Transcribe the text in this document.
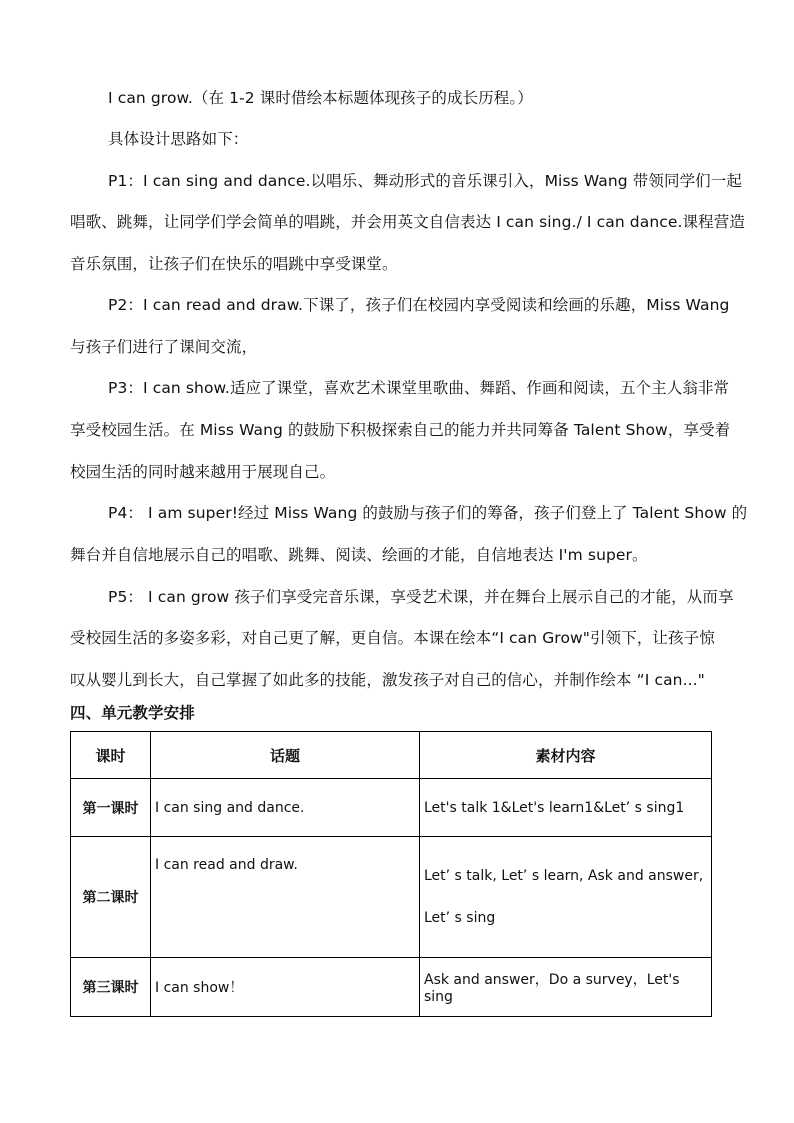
I can grow.（在 1-2 课时借绘本标题体现孩子的成长历程。）
具体设计思路如下：
P1：I can sing and dance.以唱乐、舞动形式的音乐课引入，Miss Wang 带领同学们一起
唱歌、跳舞，让同学们学会简单的唱跳，并会用英文自信表达 I can sing./ I can dance.课程营造
音乐氛围，让孩子们在快乐的唱跳中享受课堂。
P2：I can read and draw.下课了，孩子们在校园内享受阅读和绘画的乐趣，Miss Wang
与孩子们进行了课间交流，
P3：I can show.适应了课堂，喜欢艺术课堂里歌曲、舞蹈、作画和阅读，五个主人翁非常
享受校园生活。在 Miss Wang 的鼓励下积极探索自己的能力并共同筹备 Talent Show，享受着
校园生活的同时越来越用于展现自己。
P4： I am super!经过 Miss Wang 的鼓励与孩子们的筹备，孩子们登上了 Talent Show 的
舞台并自信地展示自己的唱歌、跳舞、阅读、绘画的才能，自信地表达 I'm super。
P5： I can grow 孩子们享受完音乐课，享受艺术课，并在舞台上展示自己的才能，从而享
受校园生活的多姿多彩，对自己更了解，更自信。本课在绘本“I can Grow"引领下，让孩子惊
叹从婴儿到长大，自己掌握了如此多的技能，激发孩子对自己的信心，并制作绘本 “I can..."
四、单元教学安排
课时	话题	素材内容
第一课时	I can sing and dance.	Let's talk 1&Let's learn1&Let’ s sing1
第二课时	I can read and draw.	Let’ s talk, Let’ s learn, Ask and answer,
Let’ s sing

第三课时	I can show！	Ask and answer，Do a survey，Let's sing
